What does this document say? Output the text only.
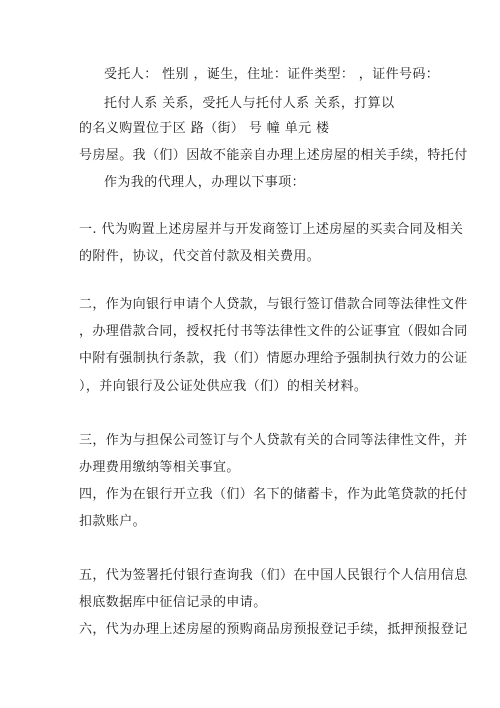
受托人： 性别 ，诞生，住址：证件类型： ，证件号码：
托付人系 关系，受托人与托付人系 关系，打算以
的名义购置位于区 路（街） 号 幢 单元 楼
号房屋。我（们）因故不能亲自办理上述房屋的相关手续，特托付
作为我的代理人，办理以下事项：
一. 代为购置上述房屋并与开发商签订上述房屋的买卖合同及相关
的附件，协议，代交首付款及相关费用。
二，作为向银行申请个人贷款，与银行签订借款合同等法律性文件
，办理借款合同，授权托付书等法律性文件的公证事宜（假如合同
中附有强制执行条款，我（们）情愿办理给予强制执行效力的公证
），并向银行及公证处供应我（们）的相关材料。
三，作为与担保公司签订与个人贷款有关的合同等法律性文件，并
办理费用缴纳等相关事宜。
四，作为在银行开立我（们）名下的储蓄卡，作为此笔贷款的托付
扣款账户。
五，代为签署托付银行查询我（们）在中国人民银行个人信用信息
根底数据库中征信记录的申请。
六，代为办理上述房屋的预购商品房预报登记手续，抵押预报登记
